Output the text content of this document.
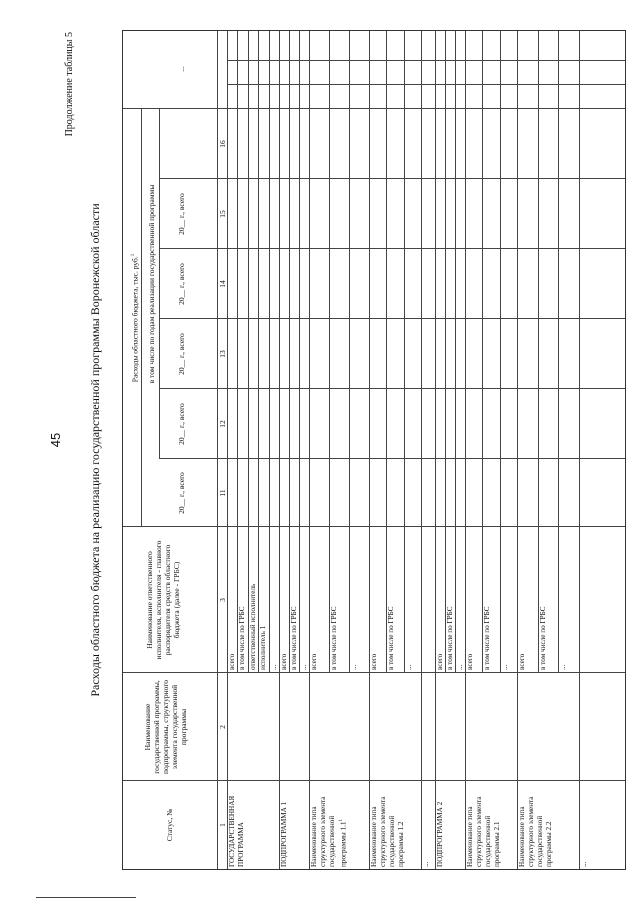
45
Продолжение таблицы 5
Расходы областного бюджета на реализацию государственной программы Воронежской области
Статус, №
Наименование государственной программы, подпрограммы, структурного элемента государственной программы
Наименование ответственного исполнителя, исполнителя - главного распорядителя средств областного бюджета (далее - ГРБС)
Расходы областного бюджета, тыс. руб.$^1$	в том числе по годам реализации государственной программы
20__ г., всего
20__ г., всего
20__ г., всего
20__ г., всего
20__ г., всего
...
1
2
3
11
12
13
14
15
16
ГОСУДАРСТВЕННАЯ ПРОГРАММА
всего в том числе по ГРБС ответственный исполнитель исполнитель 1 ...
ПОДПРОГРАММА 1
всего в том числе по ГРБС ...
Наименование типа структурного элемента государственной программы $1.1^1$
всего в том числе по ГРБС ...
Наименование типа структурного элемента государственной программы 1.2
всего в том числе по ГРБС ...
... ПОДПРОГРАММА 2
всего в том числе по ГРБС ...
Наименование типа структурного элемента государственной программы 2.1
всего в том числе по ГРБС ...
Наименование типа структурного элемента государственной программы 2.2
всего в том числе по ГРБС ...
...
